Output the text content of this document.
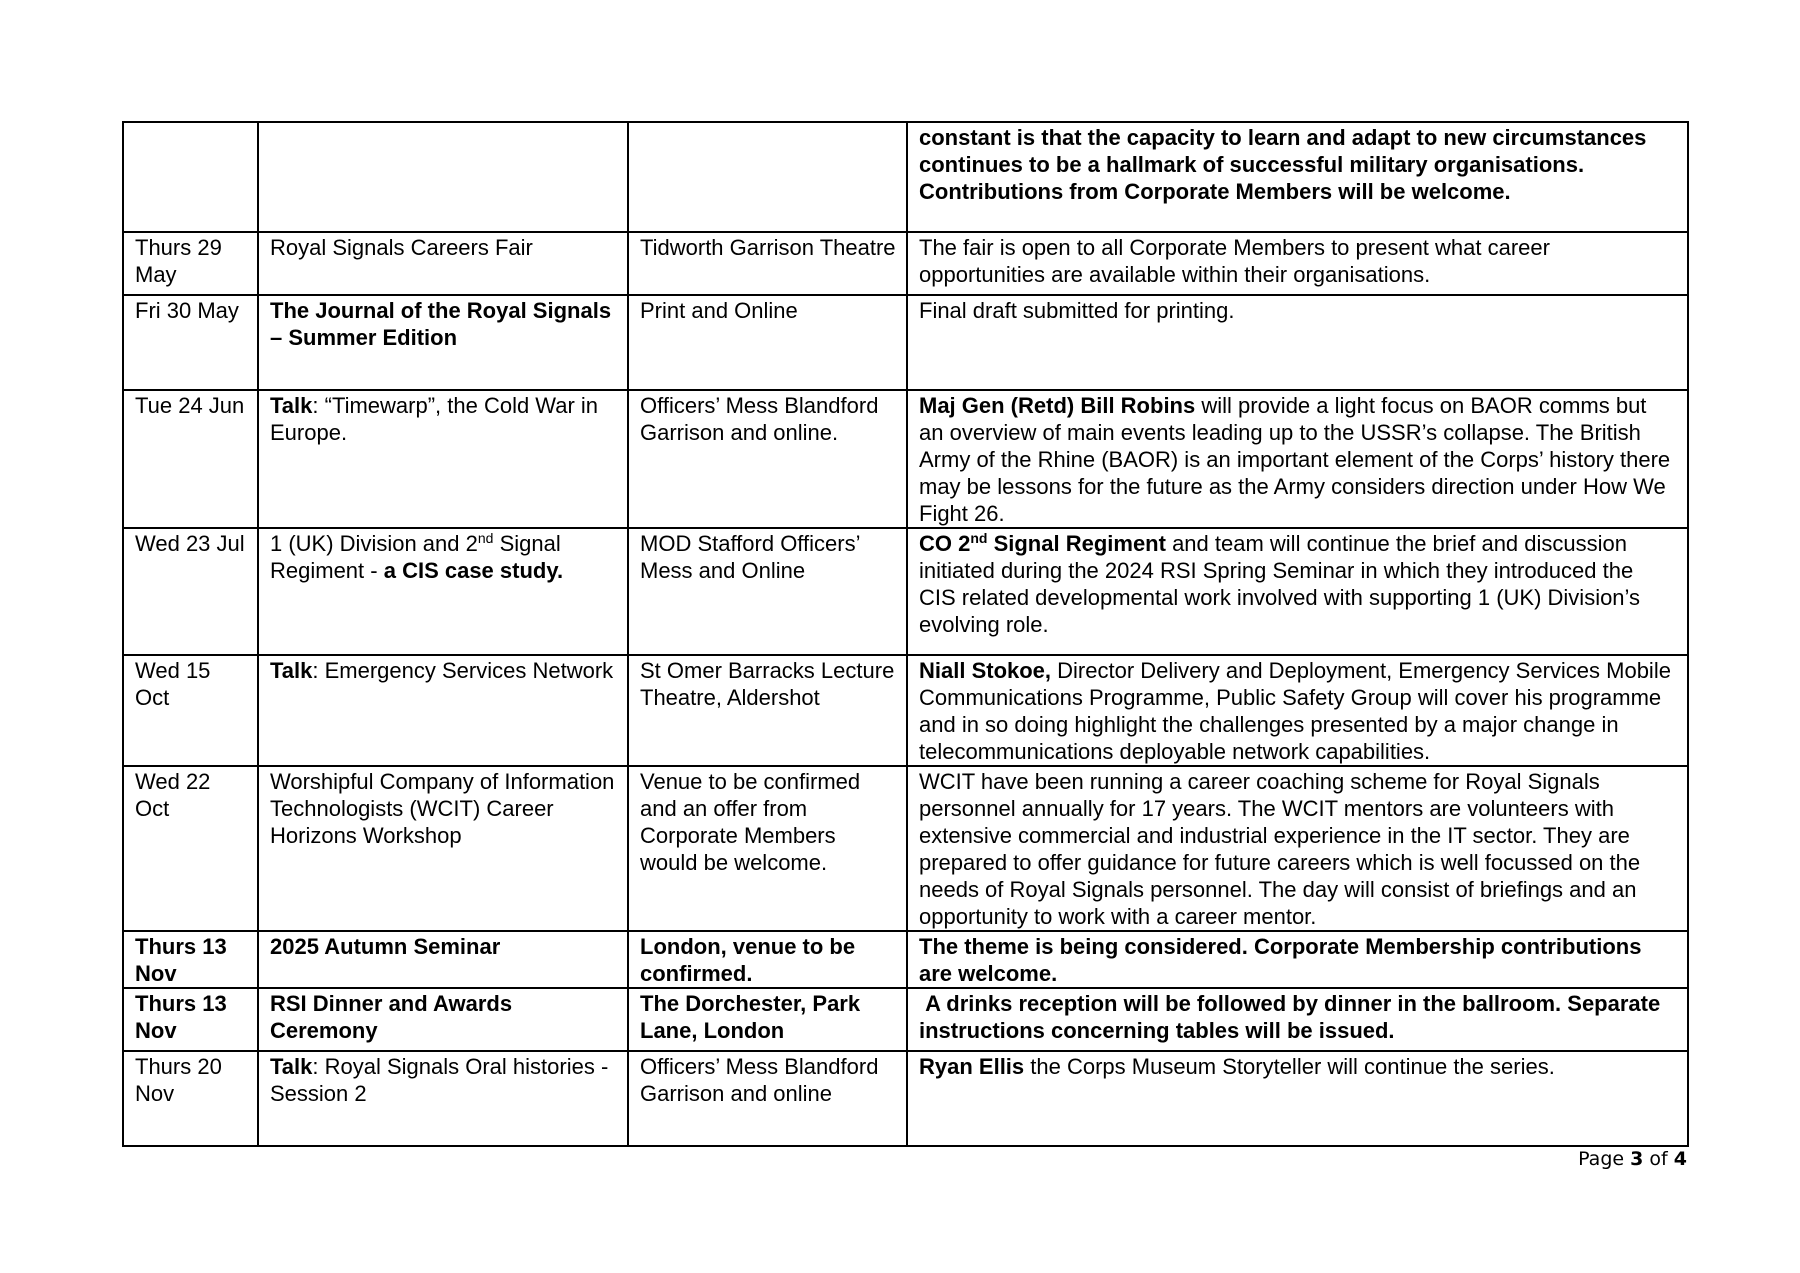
			constant is that the capacity to learn and adapt to new circumstances continues to be a hallmark of successful military organisations. Contributions from Corporate Members will be welcome.
Thurs 29 May	Royal Signals Careers Fair	Tidworth Garrison Theatre	The fair is open to all Corporate Members to present what career opportunities are available within their organisations.
Fri 30 May	The Journal of the Royal Signals – Summer Edition	Print and Online	Final draft submitted for printing.
Tue 24 Jun	Talk: “Timewarp”, the Cold War in Europe.	Officers’ Mess Blandford Garrison and online.	Maj Gen (Retd) Bill Robins will provide a light focus on BAOR comms but an overview of main events leading up to the USSR’s collapse. The British Army of the Rhine (BAOR) is an important element of the Corps’ history there may be lessons for the future as the Army considers direction under How We Fight 26.
Wed 23 Jul	1 (UK) Division and 2nd Signal Regiment - a CIS case study.	MOD Stafford Officers’ Mess and Online	CO 2nd Signal Regiment and team will continue the brief and discussion initiated during the 2024 RSI Spring Seminar in which they introduced the CIS related developmental work involved with supporting 1 (UK) Division’s evolving role.
Wed 15 Oct	Talk: Emergency Services Network	St Omer Barracks Lecture Theatre, Aldershot	Niall Stokoe, Director Delivery and Deployment, Emergency Services Mobile Communications Programme, Public Safety Group will cover his programme and in so doing highlight the challenges presented by a major change in telecommunications deployable network capabilities.
Wed 22 Oct	Worshipful Company of Information Technologists (WCIT) Career Horizons Workshop	Venue to be confirmed and an offer from Corporate Members would be welcome.	WCIT have been running a career coaching scheme for Royal Signals personnel annually for 17 years. The WCIT mentors are volunteers with extensive commercial and industrial experience in the IT sector. They are prepared to offer guidance for future careers which is well focussed on the needs of Royal Signals personnel. The day will consist of briefings and an opportunity to work with a career mentor.
Thurs 13 Nov	2025 Autumn Seminar	London, venue to be confirmed.	The theme is being considered. Corporate Membership contributions are welcome.
Thurs 13 Nov	RSI Dinner and Awards Ceremony	The Dorchester, Park Lane, London	A drinks reception will be followed by dinner in the ballroom. Separate instructions concerning tables will be issued.
Thurs 20 Nov	Talk: Royal Signals Oral histories - Session 2	Officers’ Mess Blandford Garrison and online	Ryan Ellis the Corps Museum Storyteller will continue the series.
Page 3 of 4
